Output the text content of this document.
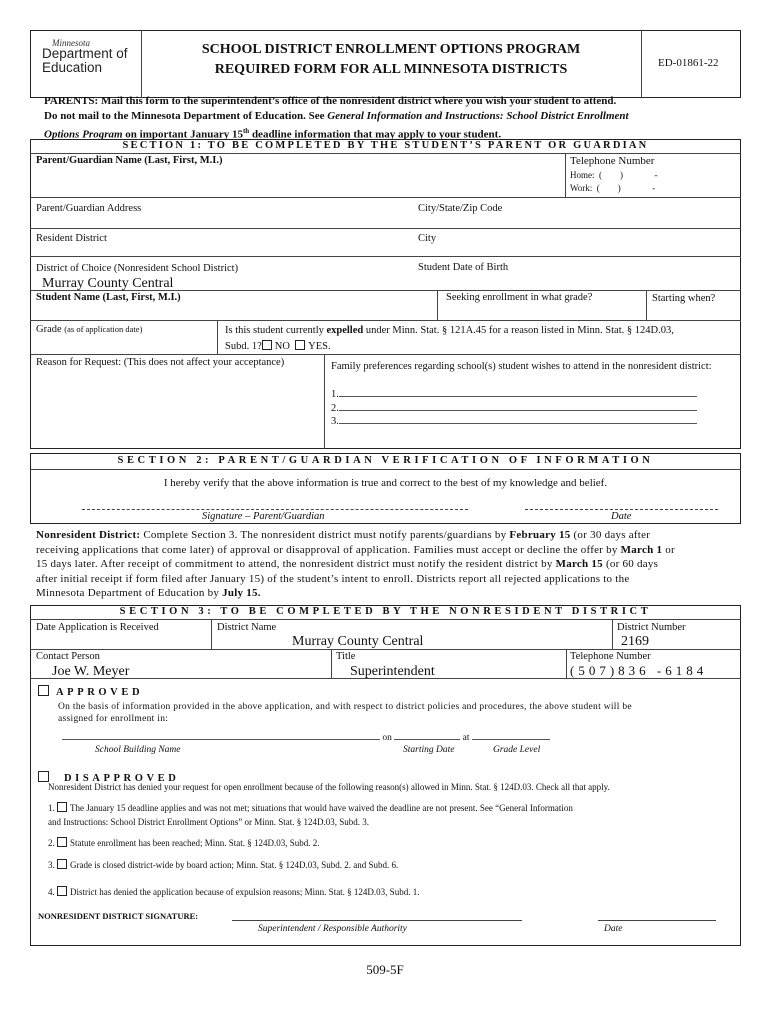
Minnesota
Department of Education
SCHOOL DISTRICT ENROLLMENT OPTIONS PROGRAM
REQUIRED FORM FOR ALL MINNESOTA DISTRICTS	ED-01861-22
PARENTS: Mail this form to the superintendent’s office of the nonresident district where you wish your student to attend.
Do not mail to the Minnesota Department of Education. See General Information and Instructions: School District Enrollment
Options Program on important January 15th deadline information that may apply to your student.
SECTION 1: TO BE COMPLETED BY THE STUDENT’S PARENT OR GUARDIAN
Parent/Guardian Name (Last, First, M.I.)	Telephone Number
Home:  (        )              -
Work:  (        )              -
Parent/Guardian Address	City/State/Zip Code
Resident District	City
District of Choice (Nonresident School District)	Student Date of Birth
Murray County Central
Student Name (Last, First, M.I.)	Seeking enrollment in what grade?	Starting when?
Grade (as of application date)	Is this student currently expelled under Minn. Stat. § 121A.45 for a reason listed in Minn. Stat. § 124D.03,
Subd. 1? NO YES.
Reason for Request: (This does not affect your acceptance)	Family preferences regarding school(s) student wishes to attend in the nonresident district:
1.
2.
3.
SECTION 2: PARENT/GUARDIAN VERIFICATION OF INFORMATION
I hereby verify that the above information is true and correct to the best of my knowledge and belief.
Signature – Parent/Guardian	Date
Nonresident District: Complete Section 3. The nonresident district must notify parents/guardians by February 15 (or 30 days after
receiving applications that come later) of approval or disapproval of application. Families must accept or decline the offer by March 1 or
15 days later. After receipt of commitment to attend, the nonresident district must notify the resident district by March 15 (or 60 days
after initial receipt if form filed after January 15) of the student’s intent to enroll. Districts report all rejected applications to the
Minnesota Department of Education by July 15.
SECTION 3: TO BE COMPLETED BY THE NONRESIDENT DISTRICT
Date Application is Received	District Name
Murray County Central
District Number
2169
Contact Person
Joe W. Meyer
Title
Superintendent
Telephone Number
(507)836 -6184
APPROVED
On the basis of information provided in the above application, and with respect to district policies and procedures, the above student will be
assigned for enrollment in:
on	at
School Building Name	Starting Date	Grade Level
DISAPPROVED
Nonresident District has denied your request for open enrollment because of the following reason(s) allowed in Minn. Stat. § 124D.03. Check all that apply.
1. The January 15 deadline applies and was not met; situations that would have waived the deadline are not present. See “General Information
and Instructions: School District Enrollment Options” or Minn. Stat. § 124D.03, Subd. 3.
2. Statute enrollment has been reached; Minn. Stat. § 124D.03, Subd. 2.
3. Grade is closed district-wide by board action; Minn. Stat. § 124D.03, Subd. 2. and Subd. 6.
4. District has denied the application because of expulsion reasons; Minn. Stat. § 124D.03, Subd. 1.
NONRESIDENT DISTRICT SIGNATURE:
Superintendent / Responsible Authority	Date
509-5F
